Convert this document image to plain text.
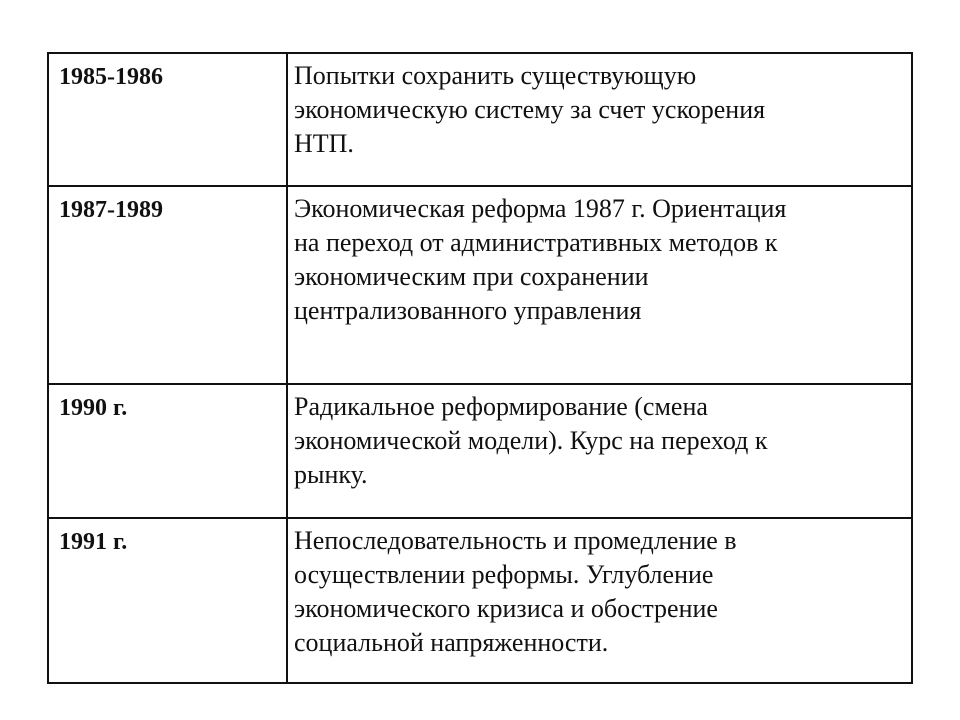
1985-1986	Попытки сохранить существующую
экономическую систему за счет ускорения
НТП.

1987-1989	Экономическая реформа 1987 г. Ориентация
на переход от административных методов к
экономическим при сохранении
централизованного управления

1990 г.	Радикальное реформирование (смена
экономической модели). Курс на переход к
рынку.

1991 г.	Непоследовательность и промедление в
осуществлении реформы. Углубление
экономического кризиса и обострение
социальной напряженности.
